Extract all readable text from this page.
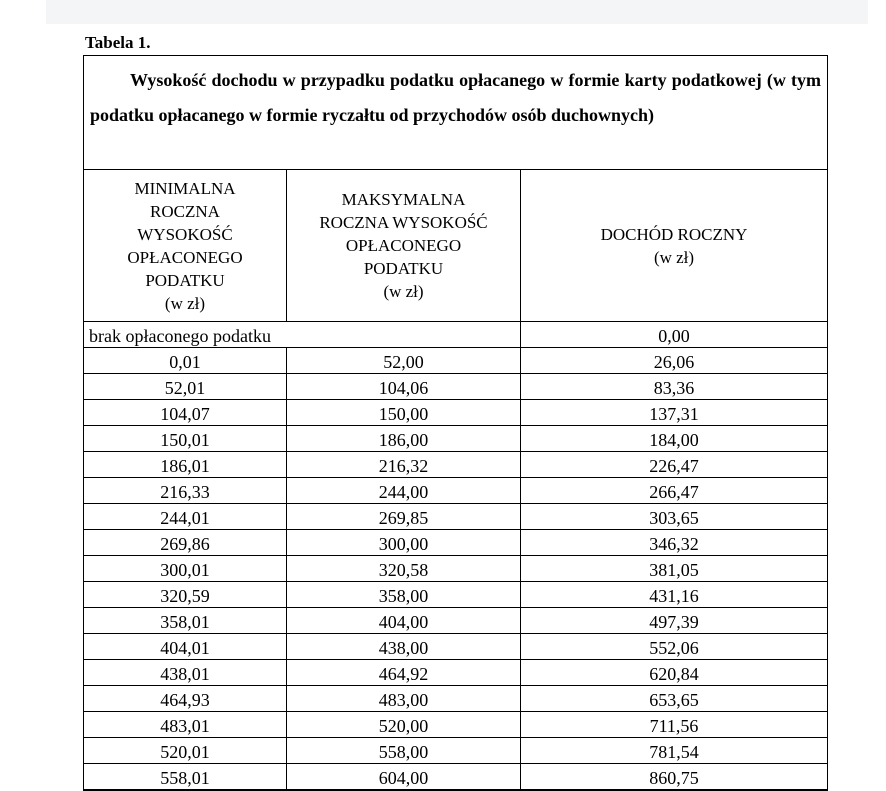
Tabela 1.
Wysokość dochodu w przypadku podatku opłacanego w formie karty podatkowej (w tym podatku opłacanego w formie ryczałtu od przychodów osób duchownych)
MINIMALNA
ROCZNA
WYSOKOŚĆ
OPŁACONEGO
PODATKU
(w zł)
MAKSYMALNA
ROCZNA WYSOKOŚĆ
OPŁACONEGO
PODATKU
(w zł)
DOCHÓD ROCZNY
(w zł)
brak opłaconego podatku	0,00
0,01	52,00	26,06
52,01	104,06	83,36
104,07	150,00	137,31
150,01	186,00	184,00
186,01	216,32	226,47
216,33	244,00	266,47
244,01	269,85	303,65
269,86	300,00	346,32
300,01	320,58	381,05
320,59	358,00	431,16
358,01	404,00	497,39
404,01	438,00	552,06
438,01	464,92	620,84
464,93	483,00	653,65
483,01	520,00	711,56
520,01	558,00	781,54
558,01	604,00	860,75
